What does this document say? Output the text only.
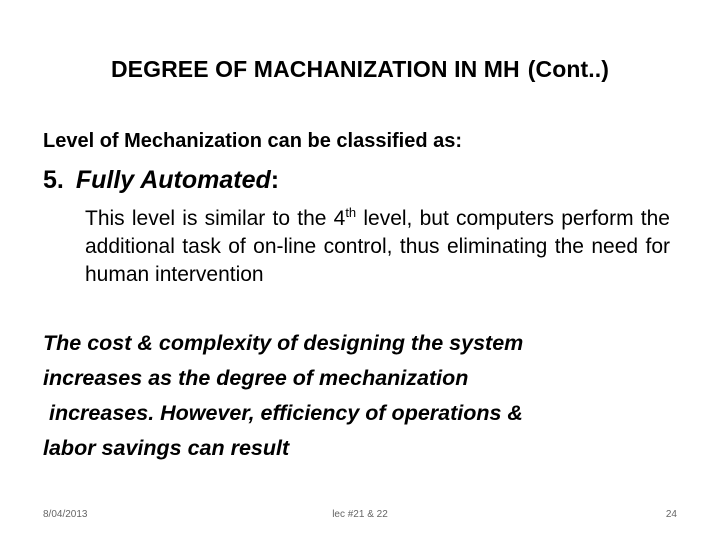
DEGREE OF MACHANIZATION IN MH (Cont..)
Level of Mechanization can be classified as:
5. Fully Automated:
This level is similar to the 4th level, but computers perform the additional task of on-line control, thus eliminating the need for human intervention
The cost & complexity of designing the system
increases as the degree of mechanization
increases. However, efficiency of operations &
labor savings can result
8/04/2013	lec #21 & 22	24
